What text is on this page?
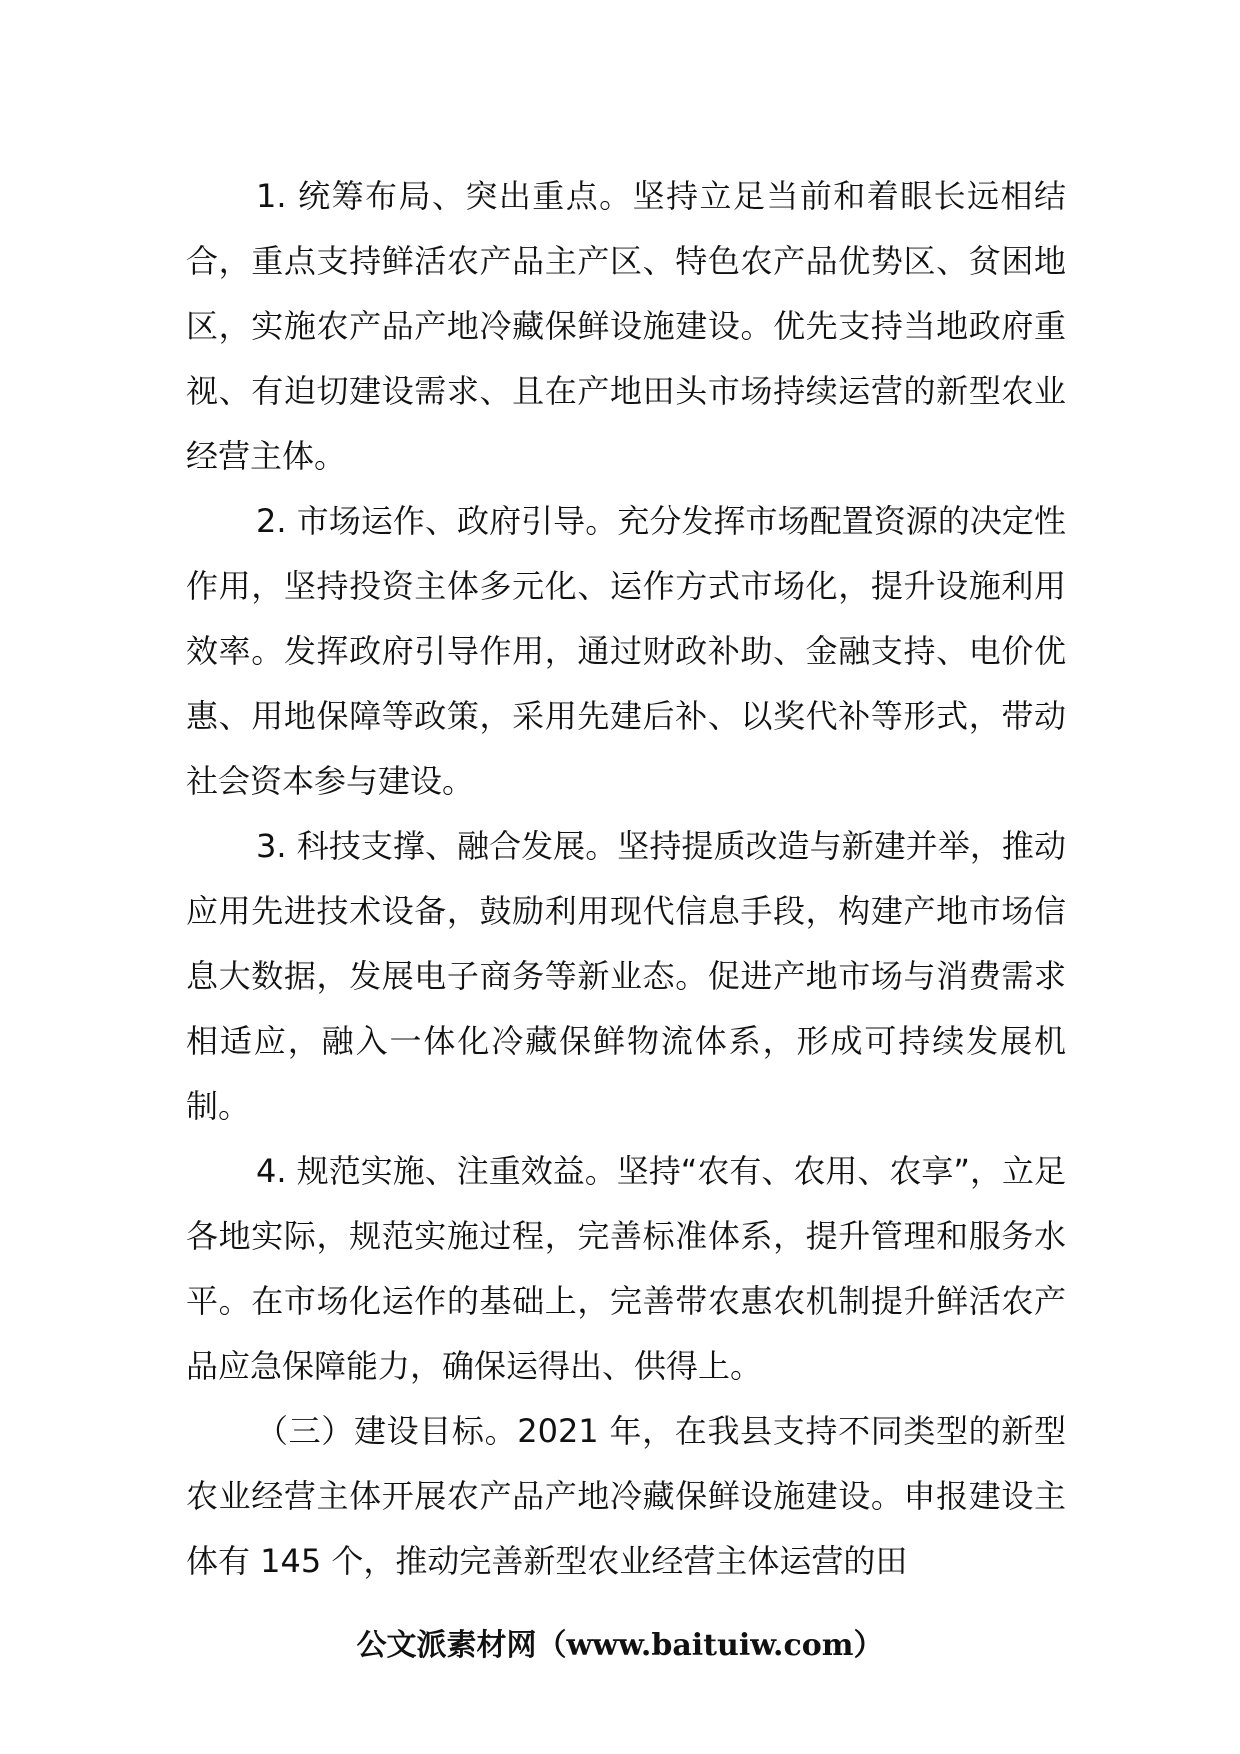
1. 统筹布局、突出重点。坚持立足当前和着眼长远相结合，重点支持鲜活农产品主产区、特色农产品优势区、贫困地区，实施农产品产地冷藏保鲜设施建设。优先支持当地政府重视、有迫切建设需求、且在产地田头市场持续运营的新型农业经营主体。

2. 市场运作、政府引导。充分发挥市场配置资源的决定性作用，坚持投资主体多元化、运作方式市场化，提升设施利用效率。发挥政府引导作用，通过财政补助、金融支持、电价优惠、用地保障等政策，采用先建后补、以奖代补等形式，带动社会资本参与建设。

3. 科技支撑、融合发展。坚持提质改造与新建并举，推动应用先进技术设备，鼓励利用现代信息手段，构建产地市场信息大数据，发展电子商务等新业态。促进产地市场与消费需求相适应，融入一体化冷藏保鲜物流体系，形成可持续发展机制。

4. 规范实施、注重效益。坚持“农有、农用、农享”，立足各地实际，规范实施过程，完善标准体系，提升管理和服务水平。在市场化运作的基础上，完善带农惠农机制提升鲜活农产品应急保障能力，确保运得出、供得上。

（三）建设目标。2021 年，在我县支持不同类型的新型农业经营主体开展农产品产地冷藏保鲜设施建设。申报建设主体有 145 个，推动完善新型农业经营主体运营的田

公文派素材网（www.baituiw.com）
